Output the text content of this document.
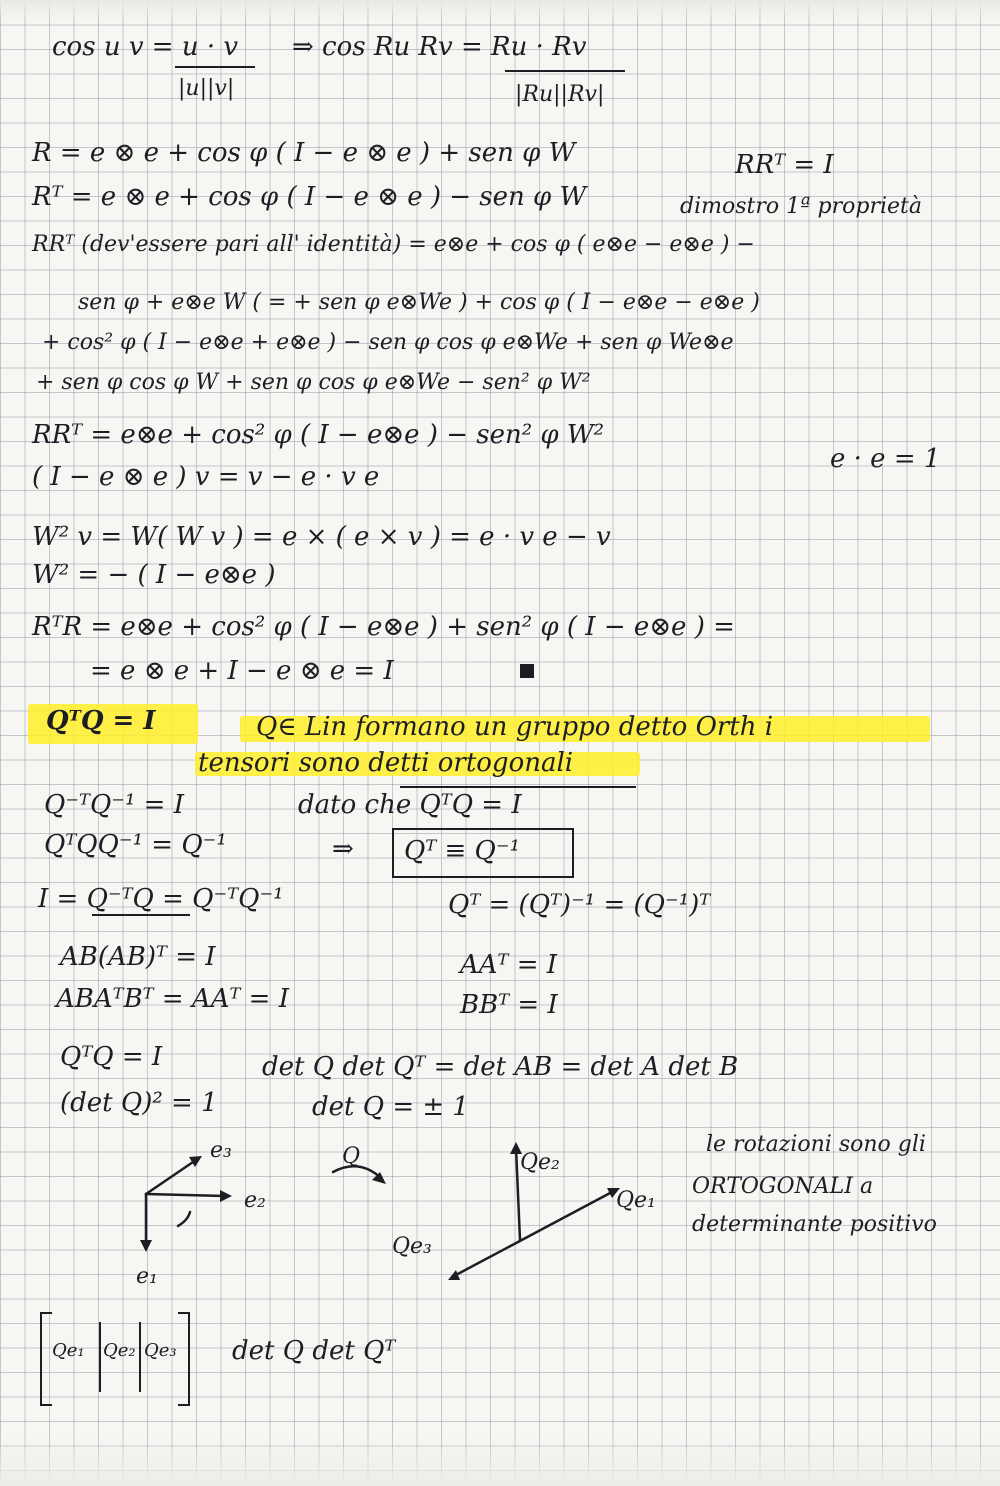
cos u v = u · v
|u||v|
⇒ cos Ru Rv = Ru · Rv
|Ru||Rv|
R = e ⊗ e + cos φ ( I − e ⊗ e ) + sen φ W	RRᵀ = I
Rᵀ = e ⊗ e + cos φ ( I − e ⊗ e ) − sen φ W	dimostro 1ª proprietà
RRᵀ (dev'essere pari all' identità) = e⊗e + cos φ ( e⊗e − e⊗e ) −
sen φ + e⊗e W ( = + sen φ e⊗We ) + cos φ ( I − e⊗e − e⊗e )
+ cos² φ ( I − e⊗e + e⊗e ) − sen φ cos φ e⊗We + sen φ We⊗e
+ sen φ cos φ W + sen φ cos φ e⊗We − sen² φ W²
RRᵀ = e⊗e + cos² φ ( I − e⊗e ) − sen² φ W²
( I − e ⊗ e ) v = v − e · v e
e · e = 1
W² v = W( W v ) = e × ( e × v ) = e · v e − v
W² = − ( I − e⊗e )
RᵀR = e⊗e + cos² φ ( I − e⊗e ) + sen² φ ( I − e⊗e ) =
= e ⊗ e + I − e ⊗ e = I
QᵀQ = I	Q∈ Lin formano un gruppo detto Orth i
tensori sono detti ortogonali
Q⁻ᵀQ⁻¹ = I	dato che QᵀQ = I
QᵀQQ⁻¹ = Q⁻¹	⇒ Qᵀ ≡ Q⁻¹
I = Q⁻ᵀQ = Q⁻ᵀQ⁻¹	Qᵀ = (Qᵀ)⁻¹ = (Q⁻¹)ᵀ
AB(AB)ᵀ = I	AAᵀ = I
ABAᵀBᵀ = AAᵀ = I	BBᵀ = I
QᵀQ = I	det Q det Qᵀ = det AB = det A det B
(det Q)² = 1	det Q = ± 1
e₃
e₂
e₁
Q	Qe₂
Qe₁
Qe₃
le rotazioni sono gli
ORTOGONALI a
determinante positivo
Qe₁ Qe₂ Qe₃ det Q det Qᵀ
